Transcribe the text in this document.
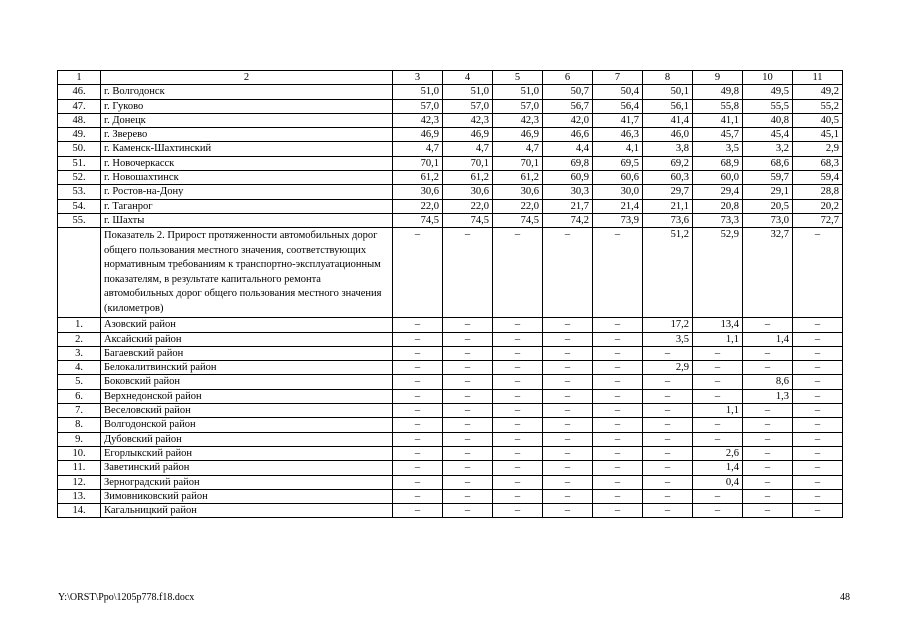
1	2	3	4	5	6	7	8	9	10	11
46.	г. Волгодонск	51,0	51,0	51,0	50,7	50,4	50,1	49,8	49,5	49,2
47.	г. Гуково	57,0	57,0	57,0	56,7	56,4	56,1	55,8	55,5	55,2
48.	г. Донецк	42,3	42,3	42,3	42,0	41,7	41,4	41,1	40,8	40,5
49.	г. Зверево	46,9	46,9	46,9	46,6	46,3	46,0	45,7	45,4	45,1
50.	г. Каменск-Шахтинский	4,7	4,7	4,7	4,4	4,1	3,8	3,5	3,2	2,9
51.	г. Новочеркасск	70,1	70,1	70,1	69,8	69,5	69,2	68,9	68,6	68,3
52.	г. Новошахтинск	61,2	61,2	61,2	60,9	60,6	60,3	60,0	59,7	59,4
53.	г. Ростов-на-Дону	30,6	30,6	30,6	30,3	30,0	29,7	29,4	29,1	28,8
54.	г. Таганрог	22,0	22,0	22,0	21,7	21,4	21,1	20,8	20,5	20,2
55.	г. Шахты	74,5	74,5	74,5	74,2	73,9	73,6	73,3	73,0	72,7
	Показатель 2. Прирост протяженности автомобильных дорог общего пользования местного значения, соответствующих нормативным требованиям к транспортно-эксплуатационным показателям, в результате капитального ремонта автомобильных дорог общего пользования местного значения (километров)	–	–	–	–	–	51,2	52,9	32,7	–
1.	Азовский район	–	–	–	–	–	17,2	13,4	–	–
2.	Аксайский район	–	–	–	–	–	3,5	1,1	1,4	–
3.	Багаевский район	–	–	–	–	–	–	–	–	–
4.	Белокалитвинский район	–	–	–	–	–	2,9	–	–	–
5.	Боковский район	–	–	–	–	–	–	–	8,6	–
6.	Верхнедонской район	–	–	–	–	–	–	–	1,3	–
7.	Веселовский район	–	–	–	–	–	–	1,1	–	–
8.	Волгодонской район	–	–	–	–	–	–	–	–	–
9.	Дубовский район	–	–	–	–	–	–	–	–	–
10.	Егорлыкский район	–	–	–	–	–	–	2,6	–	–
11.	Заветинский район	–	–	–	–	–	–	1,4	–	–
12.	Зерноградский район	–	–	–	–	–	–	0,4	–	–
13.	Зимовниковский район	–	–	–	–	–	–	–	–	–
14.	Кагальницкий район	–	–	–	–	–	–	–	–	–
Y:\ORST\Ppo\1205p778.f18.docx	48
